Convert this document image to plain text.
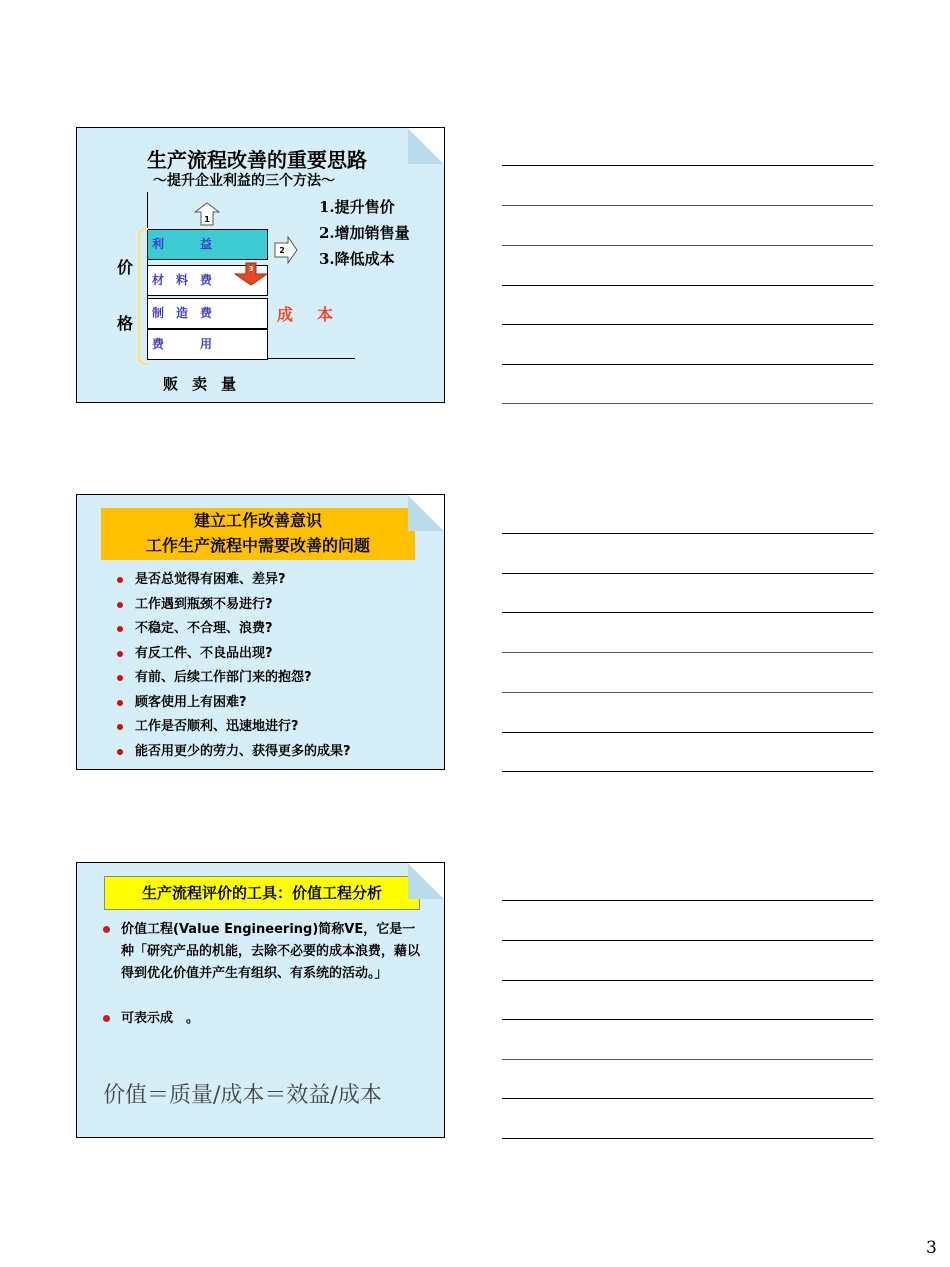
生产流程改善的重要思路
～提升企业利益的三个方法～
1
利　　　益
材　料　费
制　造　费
费　　　用
2
3
价
格	成本
贩卖量
1.提升售价
2.增加销售量
3.降低成本
建立工作改善意识
工作生产流程中需要改善的问题
是否总觉得有困难、差异?
工作遇到瓶颈不易进行?
不稳定、不合理、浪费?
有反工件、不良品出现?
有前、后续工作部门来的抱怨?
顾客使用上有困难?
工作是否顺利、迅速地进行?
能否用更少的劳力、获得更多的成果?
生产流程评价的工具：价值工程分析
价值工程(Value Engineering)简称VE，它是一种「研究产品的机能，去除不必要的成本浪费，藉以得到优化价值并产生有组织、有系统的活动。」
可表示成　。
价值＝质量/成本＝效益/成本
3
